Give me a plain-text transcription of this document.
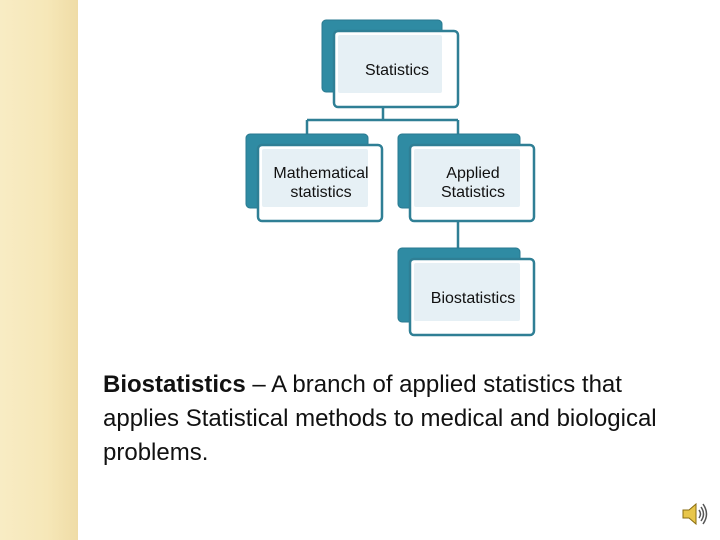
Statistics
Mathematical
statistics
Applied
Statistics
Biostatistics
Biostatistics – A branch of applied statistics that applies Statistical methods to medical and biological problems.
